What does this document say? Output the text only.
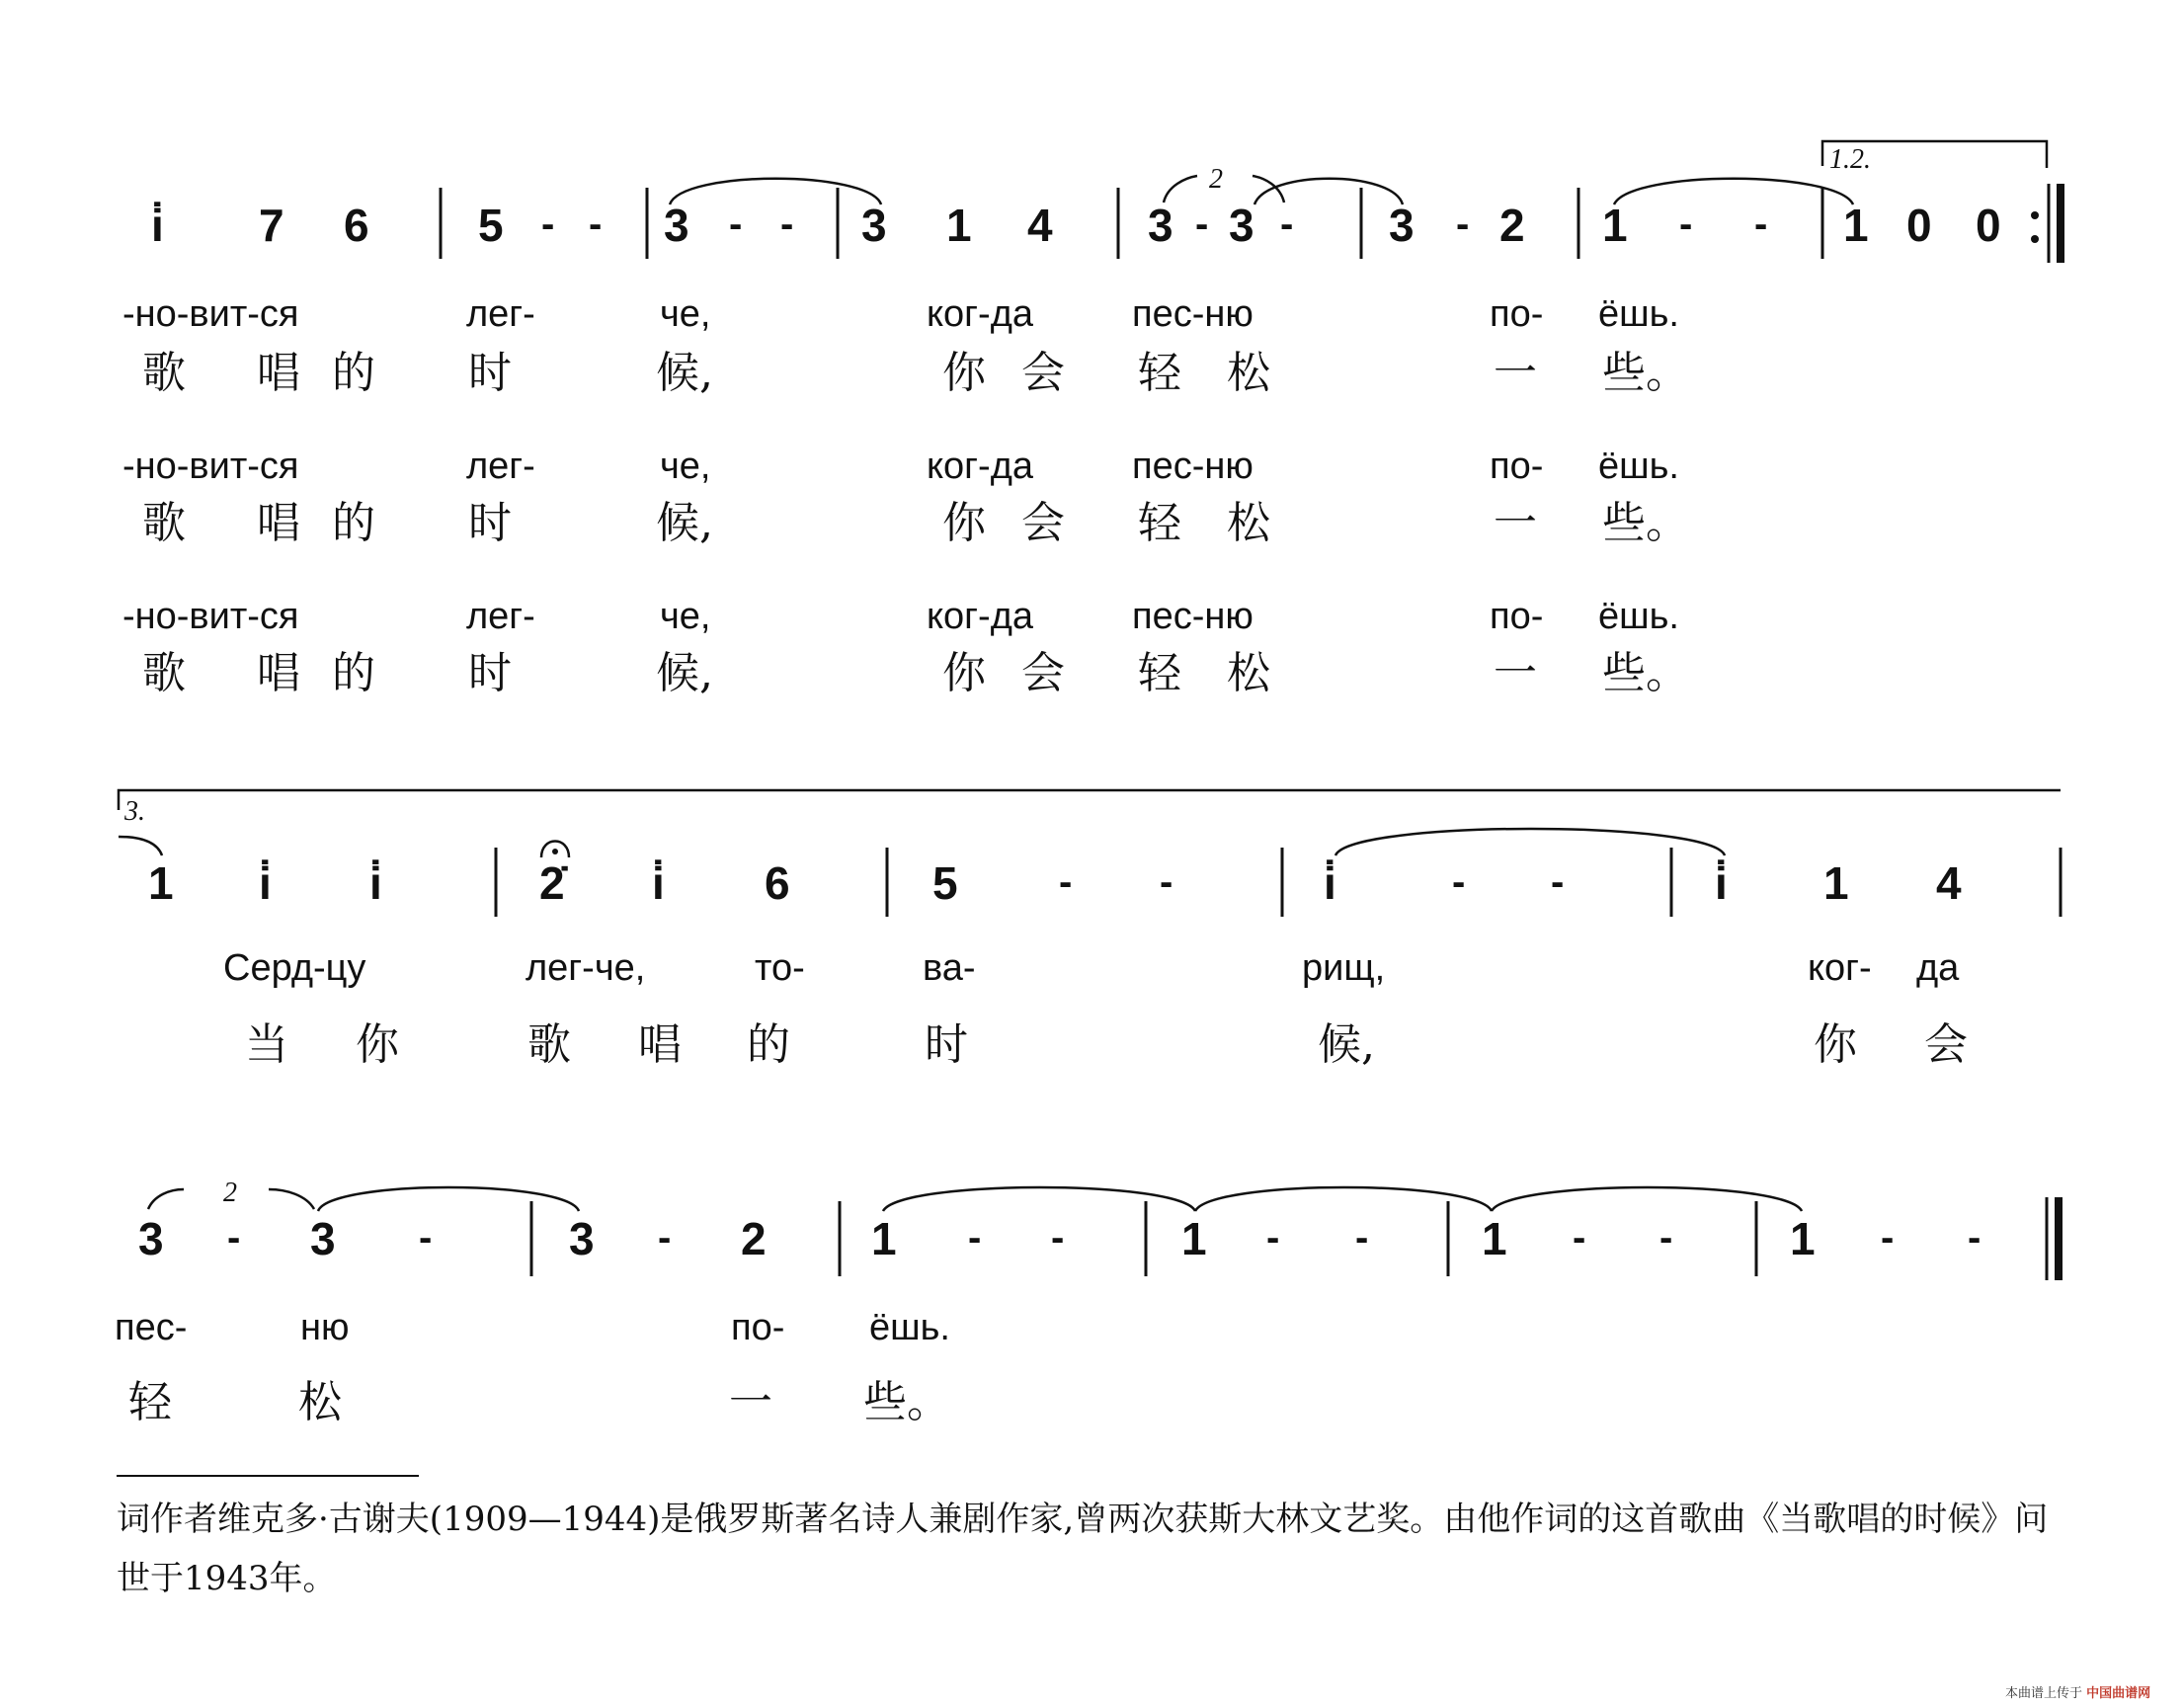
1.2.
2
i̇ 7 6 5 - - 3 - - 3 1 4 3 - 3 - 3 - 2 1 - - 1 0 0
-но-вит-ся	лег-	че,	ког-да	пес-ню	по- ёшь.
歌 唱 的 时	候,	你 会 轻 松	一 些。
-но-вит-ся	лег-	че,	ког-да	пес-ню	по- ёшь.
歌 唱 的 时	候,	你 会 轻 松	一 些。
-но-вит-ся	лег-	че,	ког-да	пес-ню	по- ёшь.
歌 唱 的 时	候,	你 会 轻 松	一 些。
3.
1 i̇ i̇	2̇ i̇ 6	5	- -	i̇	- -	i̇ 1 4
Серд-цу	лег-че,	то-	ва-	рищ,	ког- да
当 你	歌 唱 的	时	候,	你 会
2
3 - 3 -	3 - 2 1 - -	1 - - 1 - -	1 - -
пес-	ню	по- ёшь.
轻	松	一 些。
词作者维克多·古谢夫(1909—1944)是俄罗斯著名诗人兼剧作家,曾两次获斯大林文艺奖。由他作词的这首歌曲《当歌唱的时候》问世于1943年。
本曲谱上传于 中国曲谱网
